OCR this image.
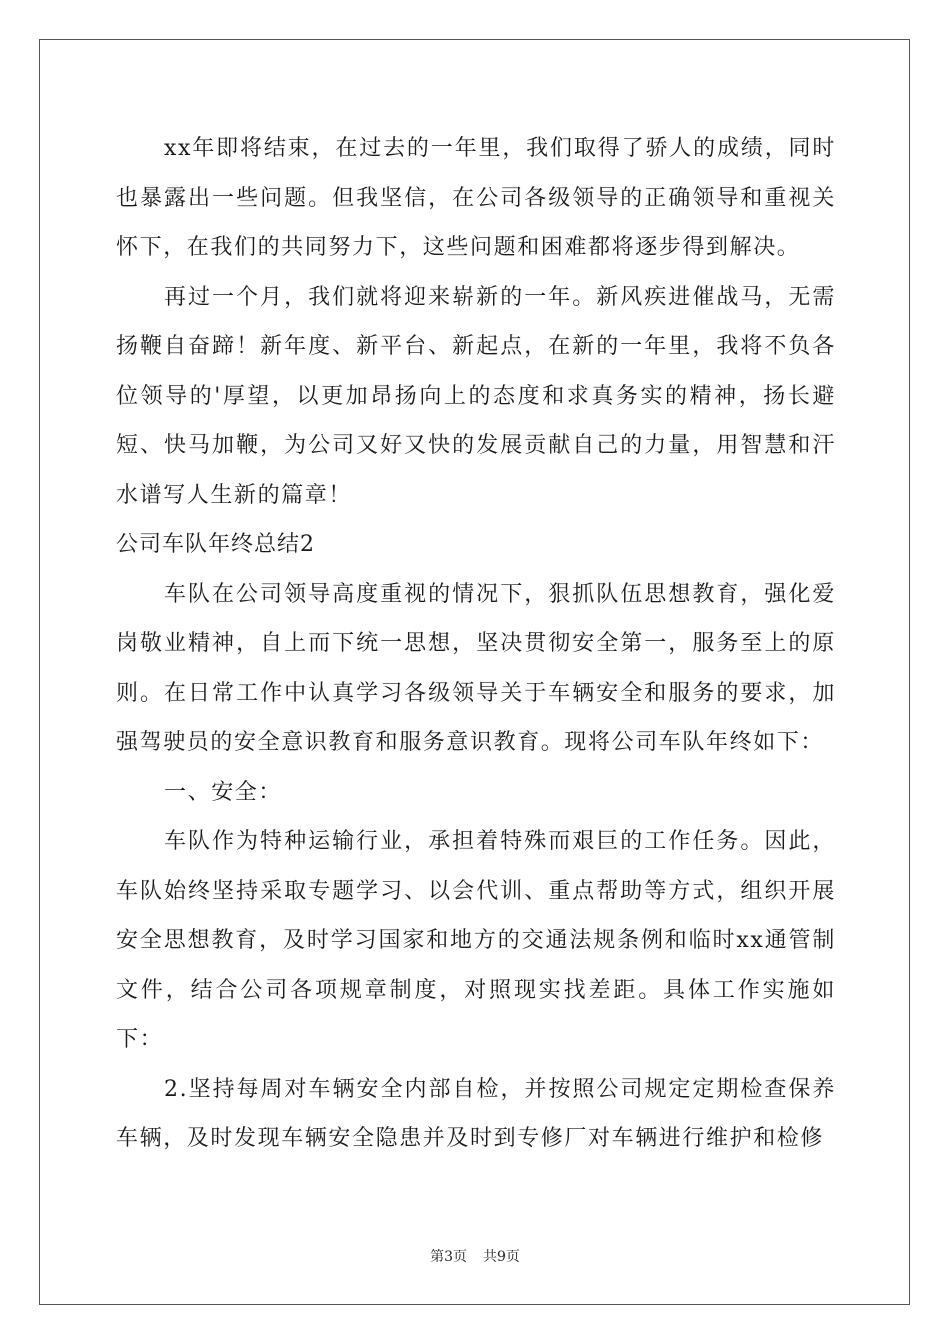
xx年即将结束，在过去的一年里，我们取得了骄人的成绩，同时也暴露出一些问题。但我坚信，在公司各级领导的正确领导和重视关怀下，在我们的共同努力下，这些问题和困难都将逐步得到解决。

再过一个月，我们就将迎来崭新的一年。新风疾进催战马，无需扬鞭自奋蹄！新年度、新平台、新起点，在新的一年里，我将不负各位领导的'厚望，以更加昂扬向上的态度和求真务实的精神，扬长避短、快马加鞭，为公司又好又快的发展贡献自己的力量，用智慧和汗水谱写人生新的篇章！

公司车队年终总结2

车队在公司领导高度重视的情况下，狠抓队伍思想教育，强化爱岗敬业精神，自上而下统一思想，坚决贯彻安全第一，服务至上的原则。在日常工作中认真学习各级领导关于车辆安全和服务的要求，加强驾驶员的安全意识教育和服务意识教育。现将公司车队年终如下：

一、安全：

车队作为特种运输行业，承担着特殊而艰巨的工作任务。因此，车队始终坚持采取专题学习、以会代训、重点帮助等方式，组织开展安全思想教育，及时学习国家和地方的交通法规条例和临时xx通管制文件，结合公司各项规章制度，对照现实找差距。具体工作实施如下：

2.坚持每周对车辆安全内部自检，并按照公司规定定期检查保养车辆，及时发现车辆安全隐患并及时到专修厂对车辆进行维护和检修

第3页 共9页
